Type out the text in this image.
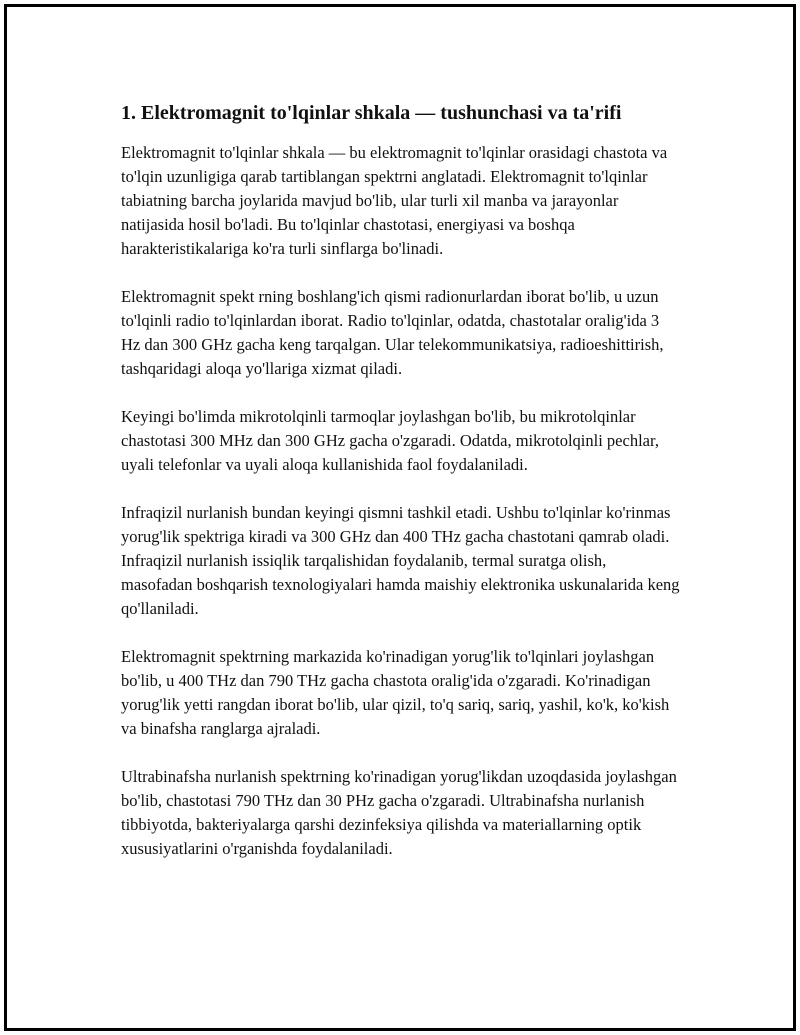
1. Elektromagnit to'lqinlar shkala — tushunchasi va ta'rifi

Elektromagnit to'lqinlar shkala — bu elektromagnit to'lqinlar orasidagi chastota va to'lqin uzunligiga qarab tartiblangan spektrni anglatadi. Elektromagnit to'lqinlar tabiatning barcha joylarida mavjud bo'lib, ular turli xil manba va jarayonlar natijasida hosil bo'ladi. Bu to'lqinlar chastotasi, energiyasi va boshqa harakteristikalariga ko'ra turli sinflarga bo'linadi.

Elektromagnit spekt rning boshlang'ich qismi radionurlardan iborat bo'lib, u uzun to'lqinli radio to'lqinlardan iborat. Radio to'lqinlar, odatda, chastotalar oralig'ida 3 Hz dan 300 GHz gacha keng tarqalgan. Ular telekommunikatsiya, radioeshittirish, tashqaridagi aloqa yo'llariga xizmat qiladi.

Keyingi bo'limda mikrotolqinli tarmoqlar joylashgan bo'lib, bu mikrotolqinlar chastotasi 300 MHz dan 300 GHz gacha o'zgaradi. Odatda, mikrotolqinli pechlar, uyali telefonlar va uyali aloqa kullanishida faol foydalaniladi.

Infraqizil nurlanish bundan keyingi qismni tashkil etadi. Ushbu to'lqinlar ko'rinmas yorug'lik spektriga kiradi va 300 GHz dan 400 THz gacha chastotani qamrab oladi. Infraqizil nurlanish issiqlik tarqalishidan foydalanib, termal suratga olish, masofadan boshqarish texnologiyalari hamda maishiy elektronika uskunalarida keng qo'llaniladi.

Elektromagnit spektrning markazida ko'rinadigan yorug'lik to'lqinlari joylashgan bo'lib, u 400 THz dan 790 THz gacha chastota oralig'ida o'zgaradi. Ko'rinadigan yorug'lik yetti rangdan iborat bo'lib, ular qizil, to'q sariq, sariq, yashil, ko'k, ko'kish va binafsha ranglarga ajraladi.

Ultrabinafsha nurlanish spektrning ko'rinadigan yorug'likdan uzoqdasida joylashgan bo'lib, chastotasi 790 THz dan 30 PHz gacha o'zgaradi. Ultrabinafsha nurlanish tibbiyotda, bakteriyalarga qarshi dezinfeksiya qilishda va materiallarning optik xususiyatlarini o'rganishda foydalaniladi.
